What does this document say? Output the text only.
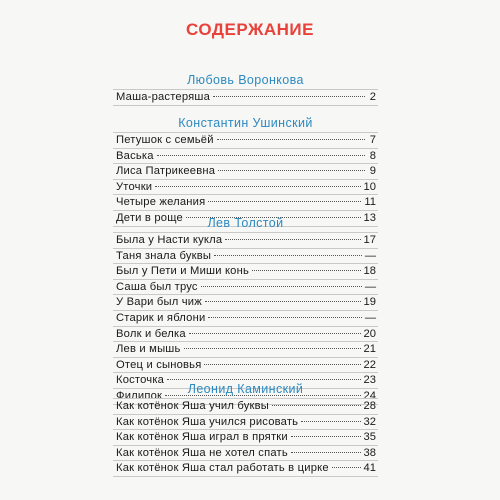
СОДЕРЖАНИЕ
Любовь Воронкова
Маша-растеряша	2
Константин Ушинский
Петушок с семьёй	7
Васька	8
Лиса Патрикеевна	9
Уточки	10
Четыре желания	11
Дети в роще	13
Лев Толстой
Была у Насти кукла	17
Таня знала буквы	—
Был у Пети и Миши конь	18
Саша был трус	—
У Вари был чиж	19
Старик и яблони	—
Волк и белка	20
Лев и мышь	21
Отец и сыновья	22
Косточка	23
Филипок	24
Леонид Каминский
Как котёнок Яша учил буквы	28
Как котёнок Яша учился рисовать	32
Как котёнок Яша играл в прятки	35
Как котёнок Яша не хотел спать	38
Как котёнок Яша стал работать в цирке	41
